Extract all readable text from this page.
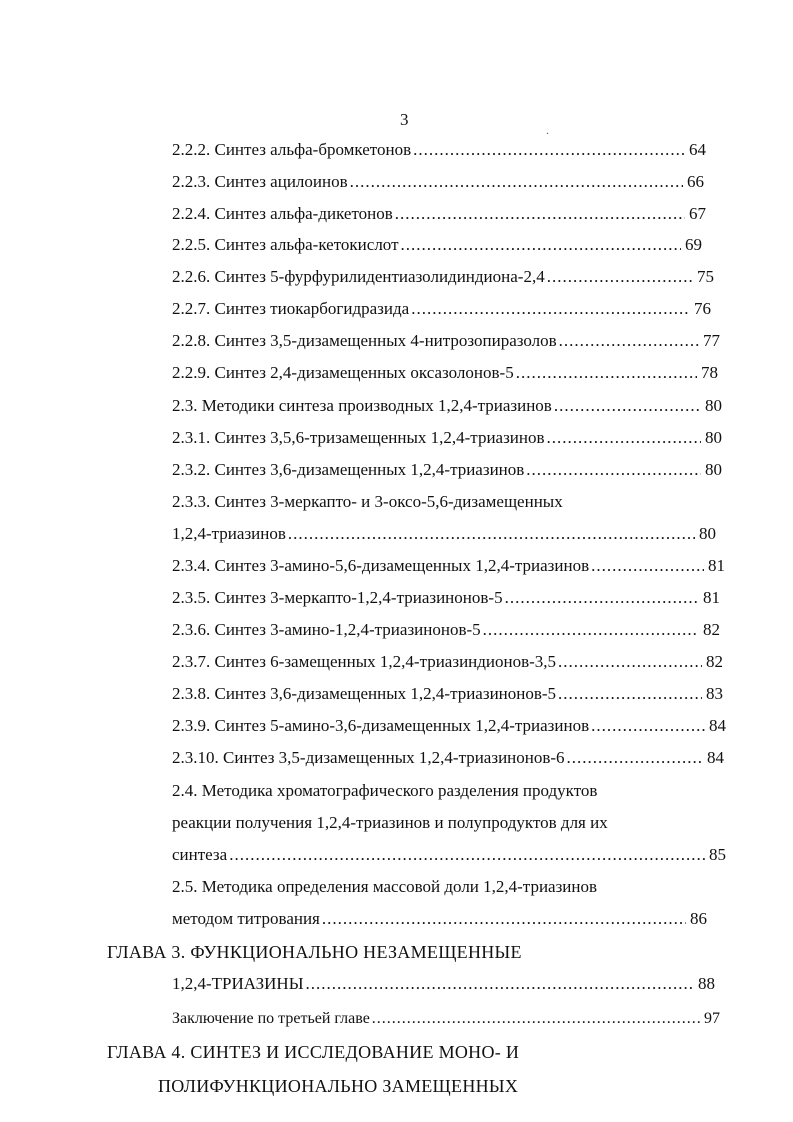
3
.
2.2.2. Синтез альфа-бромкетонов .....	64
2.2.3. Синтез ацилоинов .....	66
2.2.4. Синтез альфа-дикетонов .....	67
2.2.5. Синтез альфа-кетокислот .....	69
2.2.6. Синтез 5-фурфурилидентиазолидиндиона-2,4 .....	75
2.2.7. Синтез тиокарбогидразида .....	76
2.2.8. Синтез 3,5-дизамещенных 4-нитрозопиразолов .....	77
2.2.9. Синтез 2,4-дизамещенных оксазолонов-5 .....	78
2.3. Методики синтеза производных 1,2,4-триазинов .....	80
2.3.1. Синтез 3,5,6-тризамещенных 1,2,4-триазинов .....	80
2.3.2. Синтез 3,6-дизамещенных 1,2,4-триазинов .....	80
2.3.3. Синтез 3-меркапто- и 3-оксо-5,6-дизамещенных
1,2,4-триазинов .....	80
2.3.4. Синтез 3-амино-5,6-дизамещенных 1,2,4-триазинов .....	81
2.3.5. Синтез 3-меркапто-1,2,4-триазинонов-5 .....	81
2.3.6. Синтез 3-амино-1,2,4-триазинонов-5 .....	82
2.3.7. Синтез 6-замещенных 1,2,4-триазиндионов-3,5 .....	82
2.3.8. Синтез 3,6-дизамещенных 1,2,4-триазинонов-5 .....	83
2.3.9. Синтез 5-амино-3,6-дизамещенных 1,2,4-триазинов .....	84
2.3.10. Синтез 3,5-дизамещенных 1,2,4-триазинонов-6 .....	84
2.4. Методика хроматографического разделения продуктов
реакции получения 1,2,4-триазинов и полупродуктов для их
синтеза .....	85
2.5. Методика определения массовой доли 1,2,4-триазинов
методом титрования .....	86
ГЛАВА 3. ФУНКЦИОНАЛЬНО НЕЗАМЕЩЕННЫЕ
1,2,4-ТРИАЗИНЫ .....	88
Заключение по третьей главе .....	97
ГЛАВА 4. СИНТЕЗ И ИССЛЕДОВАНИЕ МОНО- И
ПОЛИФУНКЦИОНАЛЬНО ЗАМЕЩЕННЫХ
